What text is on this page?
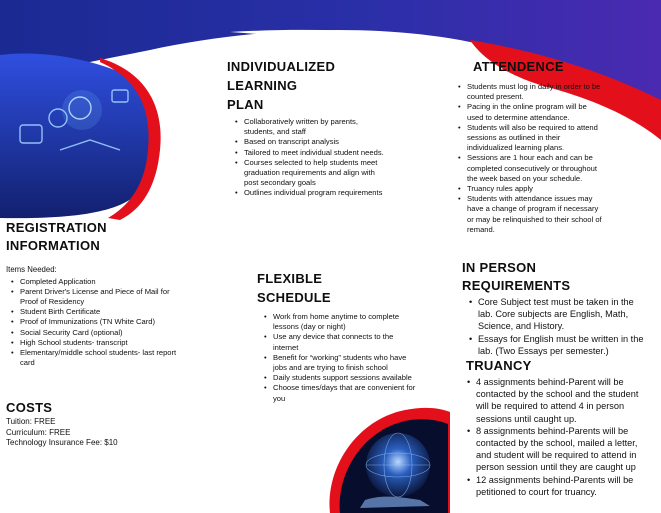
INDIVIDUALIZED
LEARNING
PLAN
• Collaboratively written by parents,
students, and staff
• Based on transcript analysis
• Tailored to meet individual student needs.
• Courses selected to help students meet
graduation requirements and align with
post secondary goals
• Outlines individual program requirements
ATTENDENCE
• Students must log in daily in order to be
counted present.
• Pacing in the online program will be
used to determine attendance.
• Students will also be required to attend
sessions as outlined in their
individualized learning plans.
• Sessions are 1 hour each and can be
completed consecutively or throughout
the week based on your schedule.
• Truancy rules apply
• Students with attendance issues may
have a change of program if necessary
or may be relinquished to their school of
remand.
IN PERSON
REQUIREMENTS
• Core Subject test must be taken in the
lab. Core subjects are English, Math,
Science, and History.
• Essays for English must be written in the
lab. (Two Essays per semester.)
TRUANCY
• 4 assignments behind-Parent will be
contacted by the school and the student
will be required to attend 4 in person
sessions until caught up.
• 8 assignments behind-Parents will be
contacted by the school, mailed a letter,
and student will be required to attend in
person session until they are caught up
• 12 assignments behind-Parents will be
petitioned to court for truancy.
REGISTRATION
INFORMATION
Items Needed:
• Completed Application
• Parent Driver's License and Piece of Mail for
Proof of Residency
• Student Birth Certificate
• Proof of Immunizations (TN White Card)
• Social Security Card (optional)
• High School students- transcript
• Elementary/middle school students- last report
card
COSTS
Tuition: FREE
Curriculum: FREE
Technology Insurance Fee: $10
FLEXIBLE
SCHEDULE
• Work from home anytime to complete
lessons (day or night)
• Use any device that connects to the
internet
• Benefit for “working” students who have
jobs and are trying to finish school
• Daily students support sessions available
• Choose times/days that are convenient for
you
